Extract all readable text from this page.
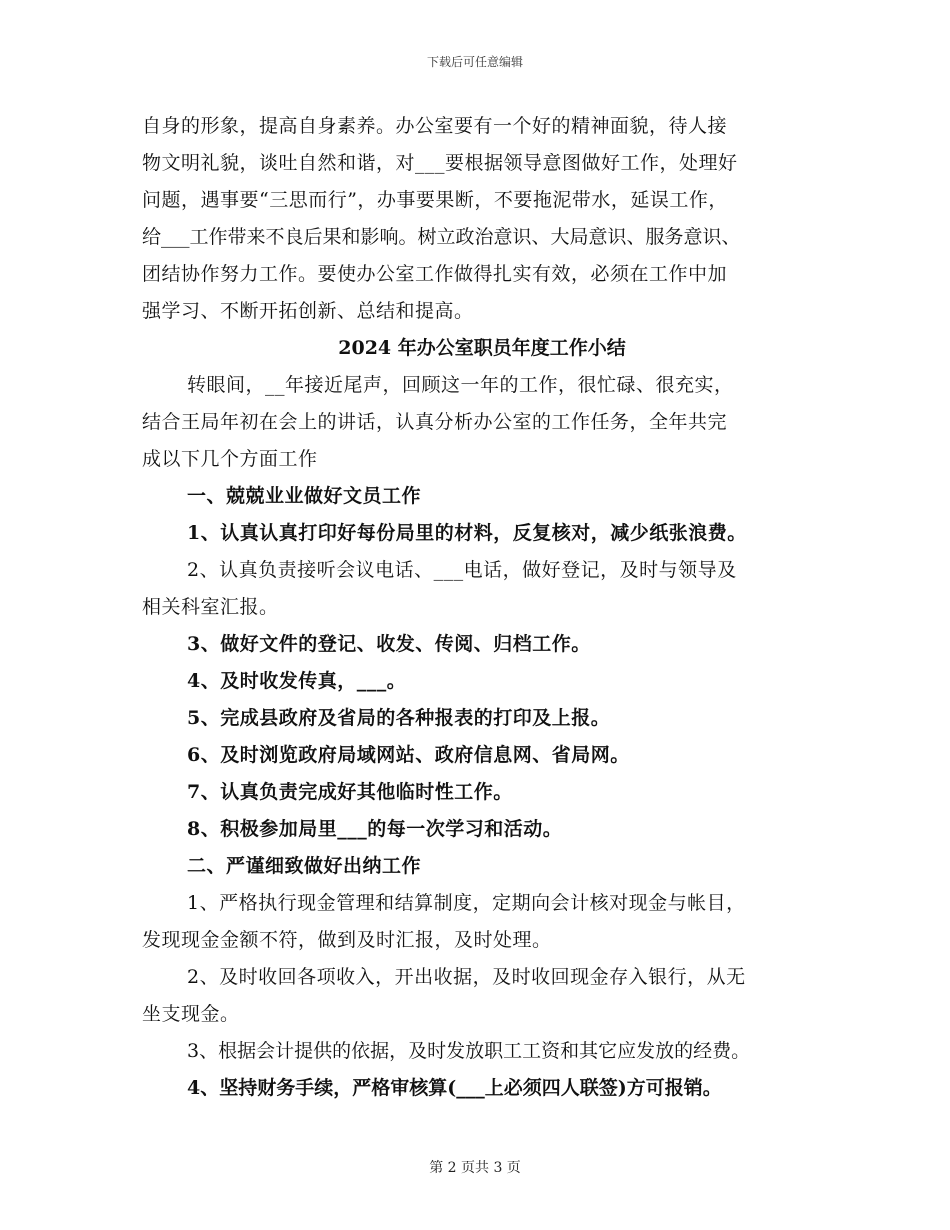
下载后可任意编辑
自身的形象，提高自身素养。办公室要有一个好的精神面貌，待人接
物文明礼貌，谈吐自然和谐，对___要根据领导意图做好工作，处理好
问题，遇事要“三思而行”，办事要果断，不要拖泥带水，延误工作，
给___工作带来不良后果和影响。树立政治意识、大局意识、服务意识、
团结协作努力工作。要使办公室工作做得扎实有效，必须在工作中加
强学习、不断开拓创新、总结和提高。
2024 年办公室职员年度工作小结
转眼间，__年接近尾声，回顾这一年的工作，很忙碌、很充实，
结合王局年初在会上的讲话，认真分析办公室的工作任务，全年共完
成以下几个方面工作
一、兢兢业业做好文员工作
1、认真认真打印好每份局里的材料，反复核对，减少纸张浪费。
2、认真负责接听会议电话、___电话，做好登记，及时与领导及
相关科室汇报。
3、做好文件的登记、收发、传阅、归档工作。
4、及时收发传真，___。
5、完成县政府及省局的各种报表的打印及上报。
6、及时浏览政府局域网站、政府信息网、省局网。
7、认真负责完成好其他临时性工作。
8、积极参加局里___的每一次学习和活动。
二、严谨细致做好出纳工作
1、严格执行现金管理和结算制度，定期向会计核对现金与帐目，
发现现金金额不符，做到及时汇报，及时处理。
2、及时收回各项收入，开出收据，及时收回现金存入银行，从无
坐支现金。
3、根据会计提供的依据，及时发放职工工资和其它应发放的经费。
4、坚持财务手续，严格审核算(___上必须四人联签)方可报销。
第 2 页共 3 页
